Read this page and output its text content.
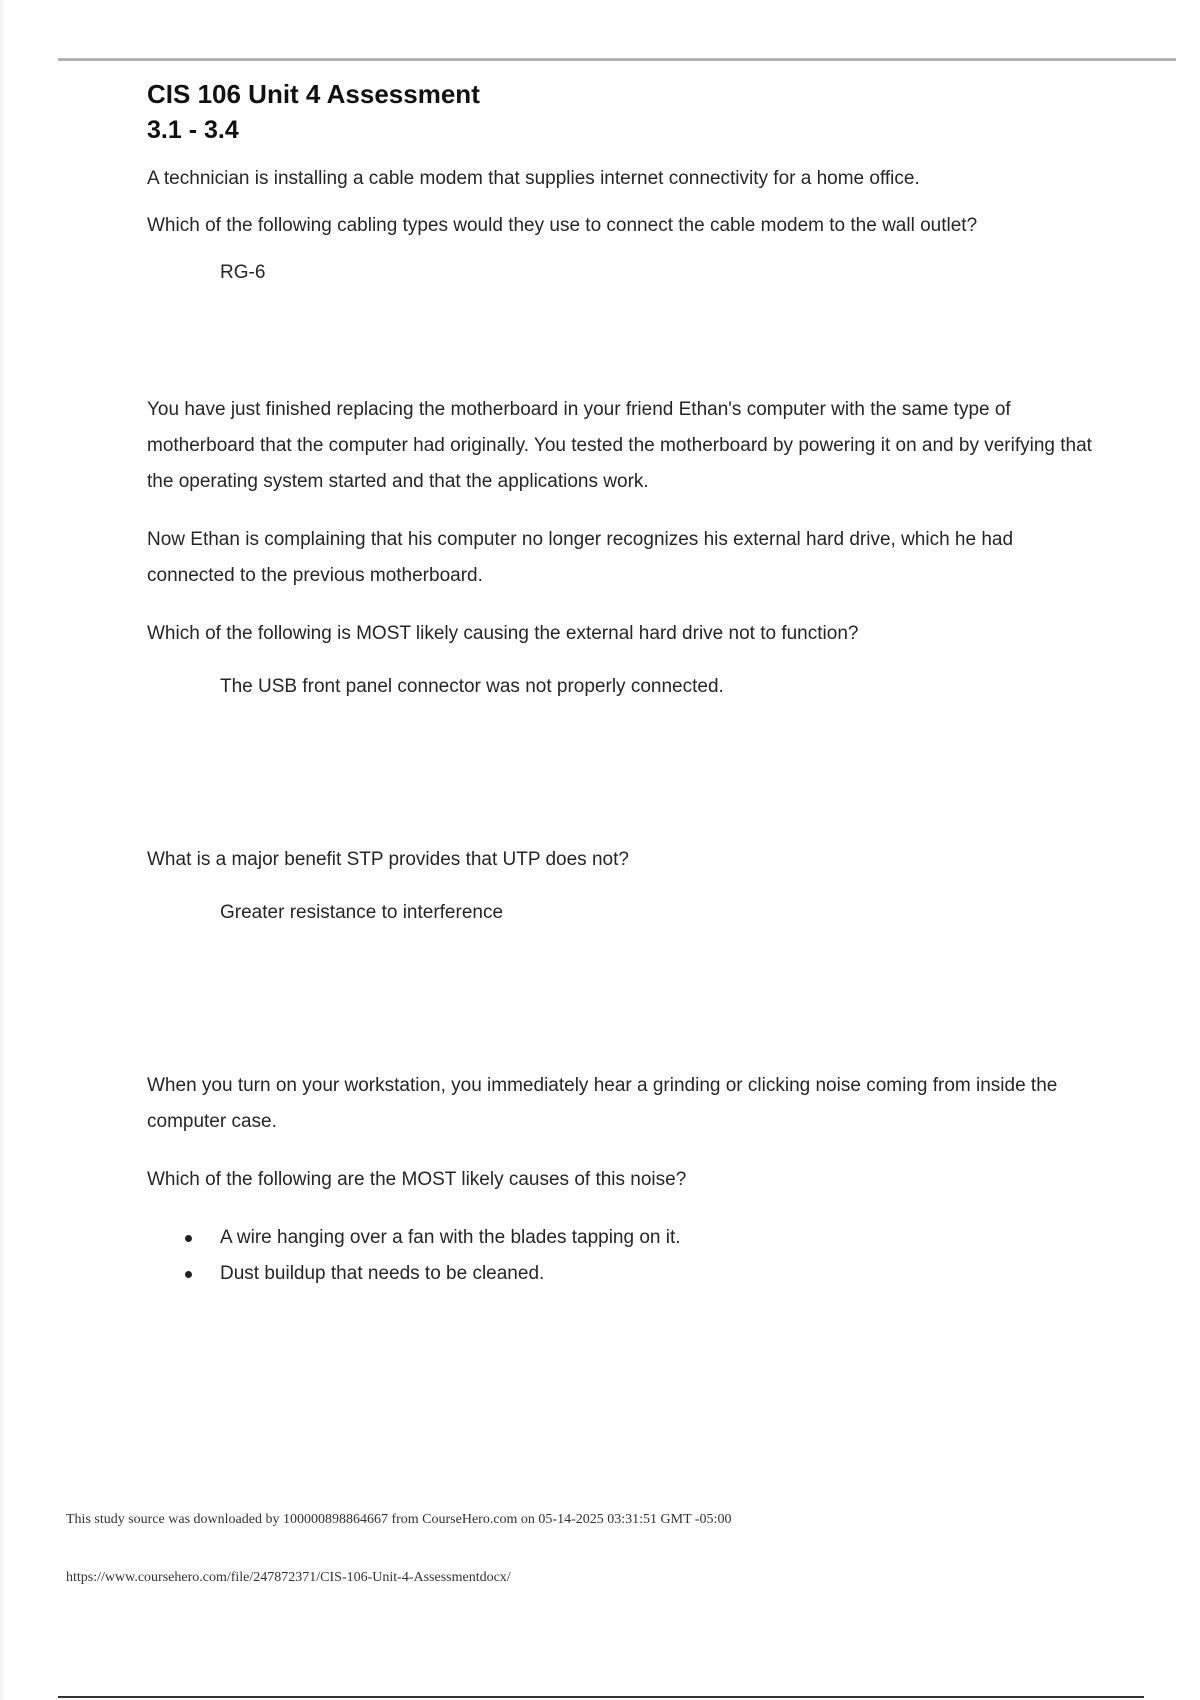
CIS 106 Unit 4 Assessment
3.1 - 3.4

A technician is installing a cable modem that supplies internet connectivity for a home office.

Which of the following cabling types would they use to connect the cable modem to the wall outlet?

RG-6

You have just finished replacing the motherboard in your friend Ethan's computer with the same type of motherboard that the computer had originally. You tested the motherboard by powering it on and by verifying that the operating system started and that the applications work.

Now Ethan is complaining that his computer no longer recognizes his external hard drive, which he had connected to the previous motherboard.

Which of the following is MOST likely causing the external hard drive not to function?

The USB front panel connector was not properly connected.

What is a major benefit STP provides that UTP does not?

Greater resistance to interference

When you turn on your workstation, you immediately hear a grinding or clicking noise coming from inside the computer case.

Which of the following are the MOST likely causes of this noise?

A wire hanging over a fan with the blades tapping on it.
Dust buildup that needs to be cleaned.
This study source was downloaded by 100000898864667 from CourseHero.com on 05-14-2025 03:31:51 GMT -05:00
https://www.coursehero.com/file/247872371/CIS-106-Unit-4-Assessmentdocx/
